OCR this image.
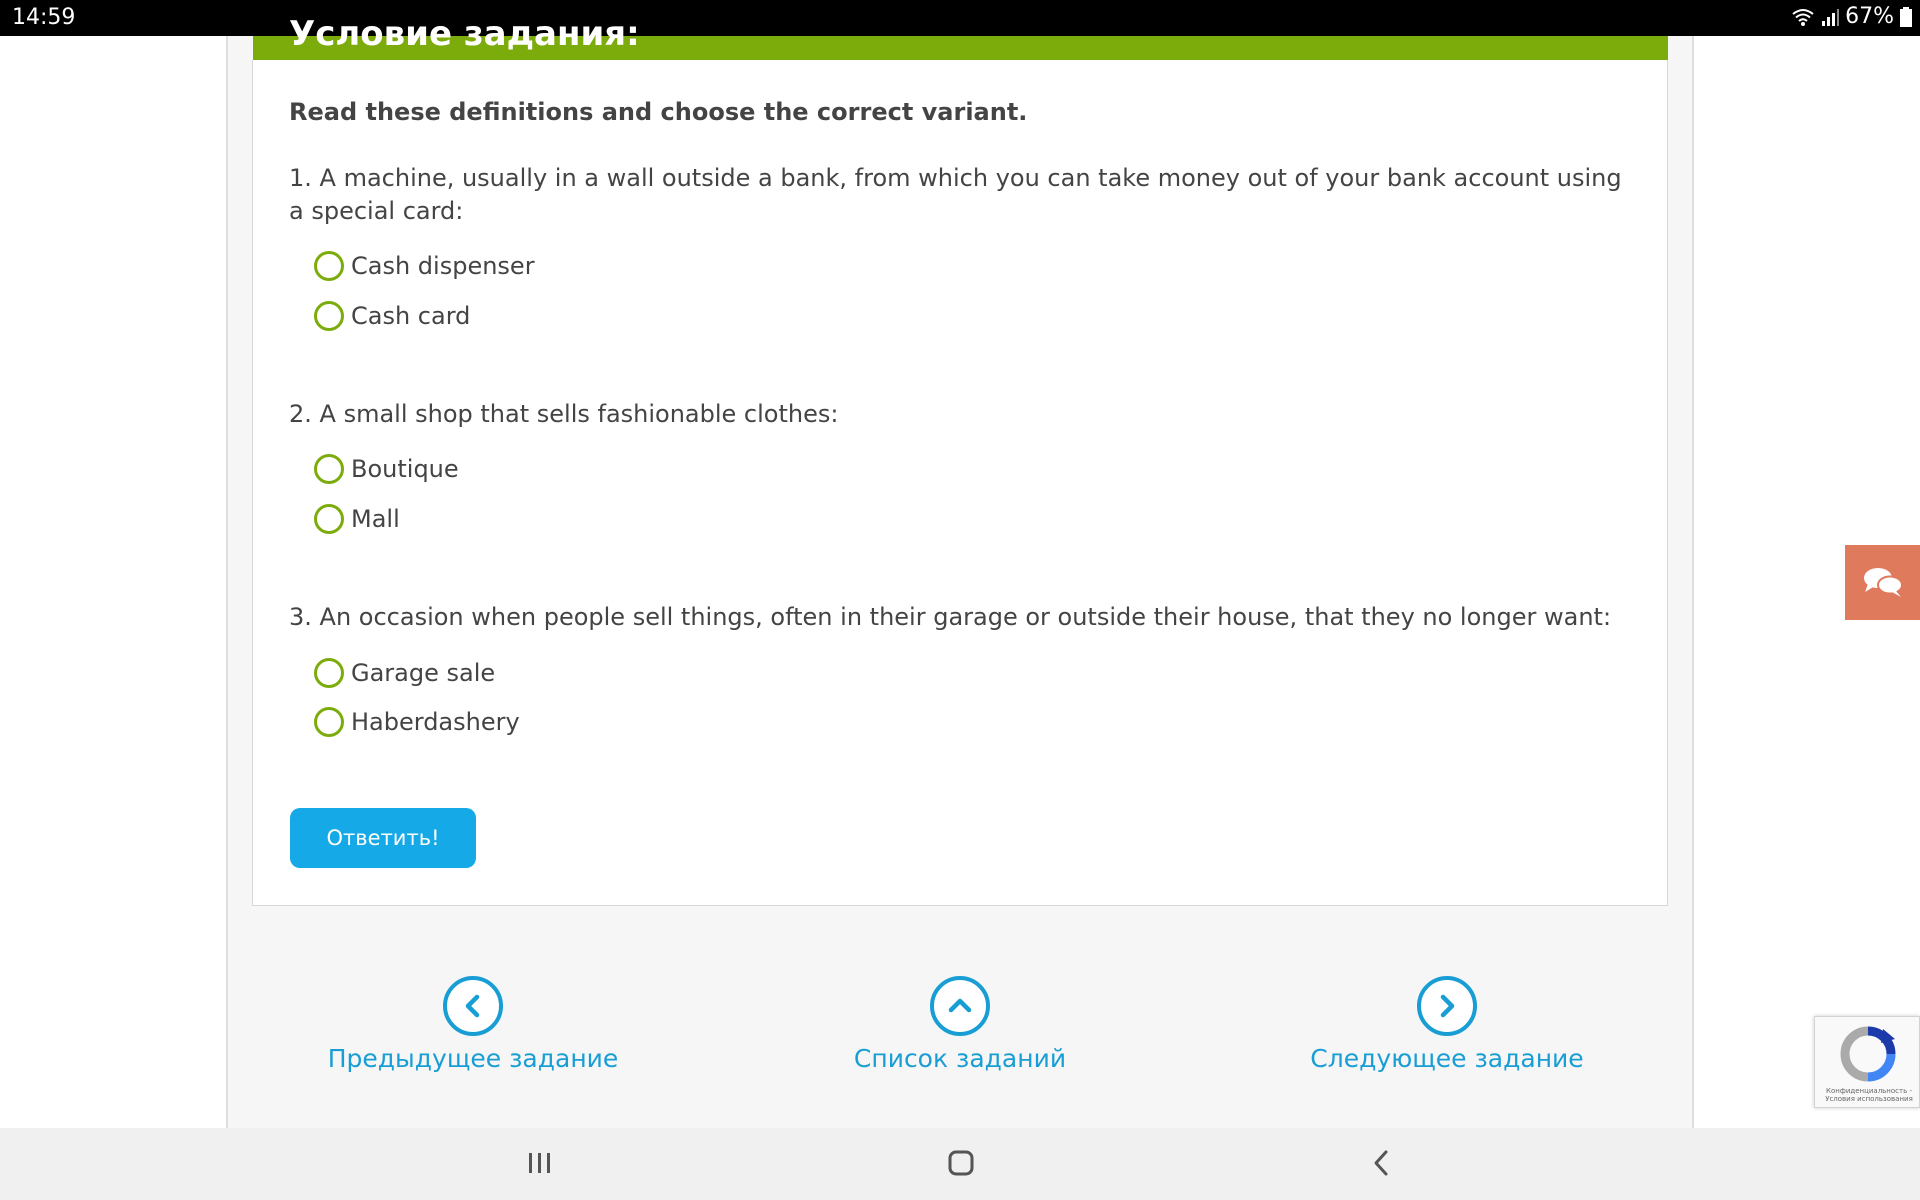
14:59	67%
Условие задания:
Read these definitions and choose the correct variant.
1. A machine, usually in a wall outside a bank, from which you can take money out of your bank account using a special card:
Cash dispenser
Cash card
2. A small shop that sells fashionable clothes:
Boutique
Mall
3. An occasion when people sell things, often in their garage or outside their house, that they no longer want:
Garage sale
Haberdashery
Ответить!
Предыдущее задание	Список заданий	Следующее задание
Конфиденциальность - Условия использования
